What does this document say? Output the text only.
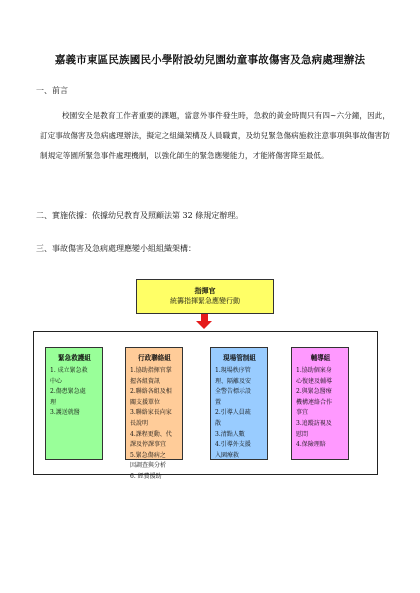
嘉義市東區民族國民小學附設幼兒園幼童事故傷害及急病處理辦法
一、前言
校園安全是教育工作者重要的課題，當意外事件發生時，急救的黃金時間只有四~六分鐘，因此，訂定事故傷害及急病處理辦法，擬定之組織架構及人員職責，及幼兒緊急傷病施救注意事項與事故傷害防制規定等園所緊急事件處理機制，以強化師生的緊急應變能力，才能將傷害降至最低。
二、實施依據：依據幼兒教育及照顧法第 32 條規定辦理。
三、事故傷害及急病處理應變小組組織架構：
指揮官
統籌指揮緊急應變行動
緊急救護組
1. 成立緊急救
中心
2.傷患緊急處
理
3.護送就醫
行政聯絡組
1.協助指揮官掌
握各組資訊
2.聯絡各組及相
關支援單位
3.聯絡家長向家
長說明
4.課程更動、代
課及停課事宜
5.緊急傷病之
因調查與分析
6. 經費援助
現場管制組
1.現場秩序管
理、隔離及安
全警告標示設
置
2.引導人員疏
散
3.清點人數
4.引導外支援
入園療救
輔導組
1.協助個案身
心復建及輔導
2.與緊急醫療
機構連絡合作
事宜
3.追蹤訪視及
慰問
4.保險理賠
